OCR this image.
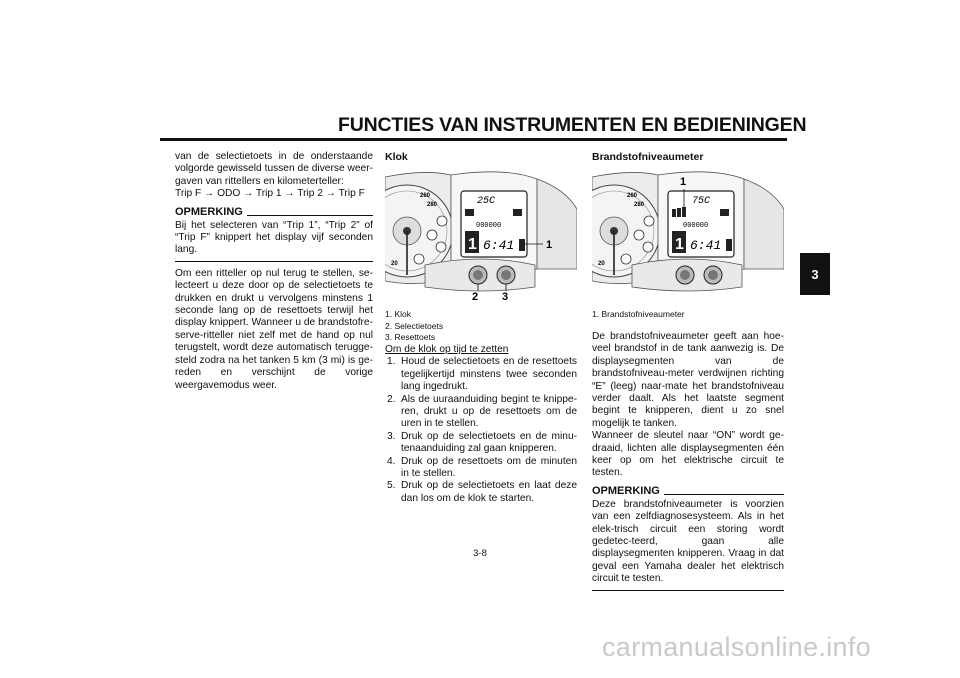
FUNCTIES VAN INSTRUMENTEN EN BEDIENINGEN
3

van de selectietoets in de onderstaande volgorde gewisseld tussen de diverse weer-gaven van rittellers en kilometerteller:

Trip F → ODO → Trip 1 → Trip 2 → Trip F

OPMERKING

Bij het selecteren van “Trip 1”, “Trip 2” of “Trip F” knippert het display vijf seconden lang.

Om een ritteller op nul terug te stellen, se-lecteert u deze door op de selectietoets te drukken en drukt u vervolgens minstens 1 seconde lang op de resettoets terwijl het display knippert. Wanneer u de brandstofre-serve-ritteller niet zelf met de hand op nul terugstelt, wordt deze automatisch terugge-steld zodra na het tanken 5 km (3 mi) is ge-reden en verschijnt de vorige weergavemodus weer.

Klok
260
280
20
25C
000000
1 6:41	1
2 3
1. Klok
2. Selectietoets
3. Resettoets

Om de klok op tijd te zetten

1. Houd de selectietoets en de resettoets tegelijkertijd minstens twee seconden lang ingedrukt.
2. Als de uuraanduiding begint te knippe-ren, drukt u op de resettoets om de uren in te stellen.
3. Druk op de selectietoets en de minu-tenaanduiding zal gaan knipperen.
4. Druk op de resettoets om de minuten in te stellen.
5. Druk op de selectietoets en laat deze dan los om de klok te starten.
Brandstofniveaumeter
260
280
20
75C
000000
1 6:41
1
1. Brandstofniveaumeter

De brandstofniveaumeter geeft aan hoe-veel brandstof in de tank aanwezig is. De displaysegmenten van de brandstofniveau-meter verdwijnen richting “E” (leeg) naar-mate het brandstofniveau verder daalt. Als het laatste segment begint te knipperen, dient u zo snel mogelijk te tanken.

Wanneer de sleutel naar “ON” wordt ge-draaid, lichten alle displaysegmenten één keer op om het elektrische circuit te testen.

OPMERKING

Deze brandstofniveaumeter is voorzien van een zelfdiagnosesysteem. Als in het elek-trisch circuit een storing wordt gedetec-teerd, gaan alle displaysegmenten knipperen. Vraag in dat geval een Yamaha dealer het elektrisch circuit te testen.

3-8
carmanualsonline.info
